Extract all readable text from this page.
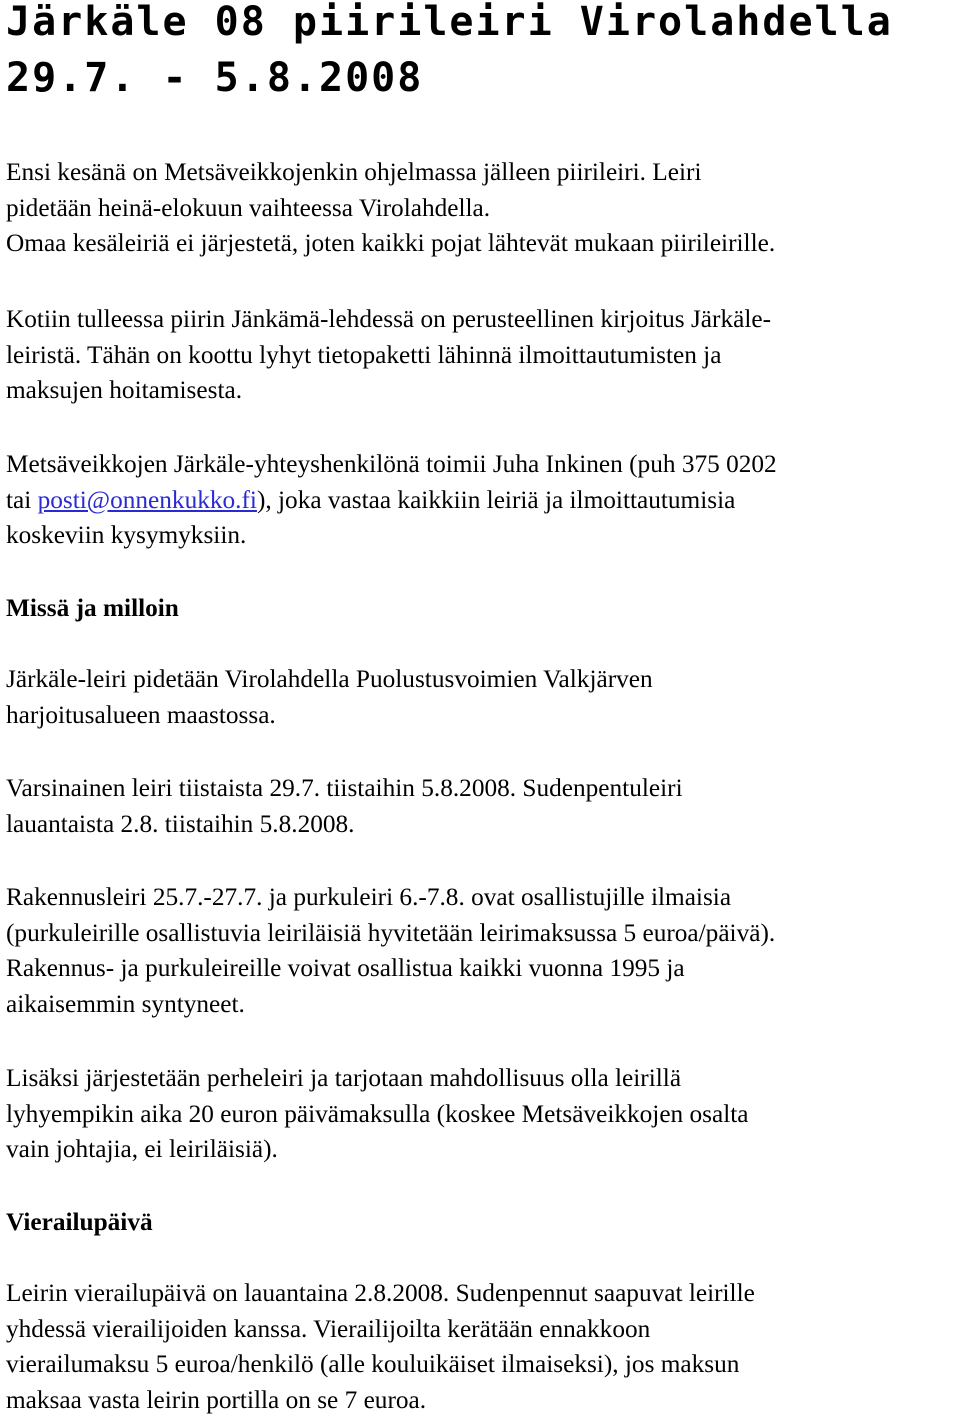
Järkäle 08 piirileiri Virolahdella
29.7. - 5.8.2008
Ensi kesänä on Metsäveikkojenkin ohjelmassa jälleen piirileiri. Leiri
pidetään heinä-elokuun vaihteessa Virolahdella.
Omaa kesäleiriä ei järjestetä, joten kaikki pojat lähtevät mukaan piirileirille.
Kotiin tulleessa piirin Jänkämä-lehdessä on perusteellinen kirjoitus Järkäle-
leiristä. Tähän on koottu lyhyt tietopaketti lähinnä ilmoittautumisten ja
maksujen hoitamisesta.
Metsäveikkojen Järkäle-yhteyshenkilönä toimii Juha Inkinen (puh 375 0202
tai posti@onnenkukko.fi), joka vastaa kaikkiin leiriä ja ilmoittautumisia
koskeviin kysymyksiin.
Missä ja milloin
Järkäle-leiri pidetään Virolahdella Puolustusvoimien Valkjärven
harjoitusalueen maastossa.
Varsinainen leiri tiistaista 29.7. tiistaihin 5.8.2008. Sudenpentuleiri
lauantaista 2.8. tiistaihin 5.8.2008.
Rakennusleiri 25.7.-27.7. ja purkuleiri 6.-7.8. ovat osallistujille ilmaisia
(purkuleirille osallistuvia leiriläisiä hyvitetään leirimaksussa 5 euroa/päivä).
Rakennus- ja purkuleireille voivat osallistua kaikki vuonna 1995 ja
aikaisemmin syntyneet.
Lisäksi järjestetään perheleiri ja tarjotaan mahdollisuus olla leirillä
lyhyempikin aika 20 euron päivämaksulla (koskee Metsäveikkojen osalta
vain johtajia, ei leiriläisiä).
Vierailupäivä
Leirin vierailupäivä on lauantaina 2.8.2008. Sudenpennut saapuvat leirille
yhdessä vierailijoiden kanssa. Vierailijoilta kerätään ennakkoon
vierailumaksu 5 euroa/henkilö (alle kouluikäiset ilmaiseksi), jos maksun
maksaa vasta leirin portilla on se 7 euroa.
